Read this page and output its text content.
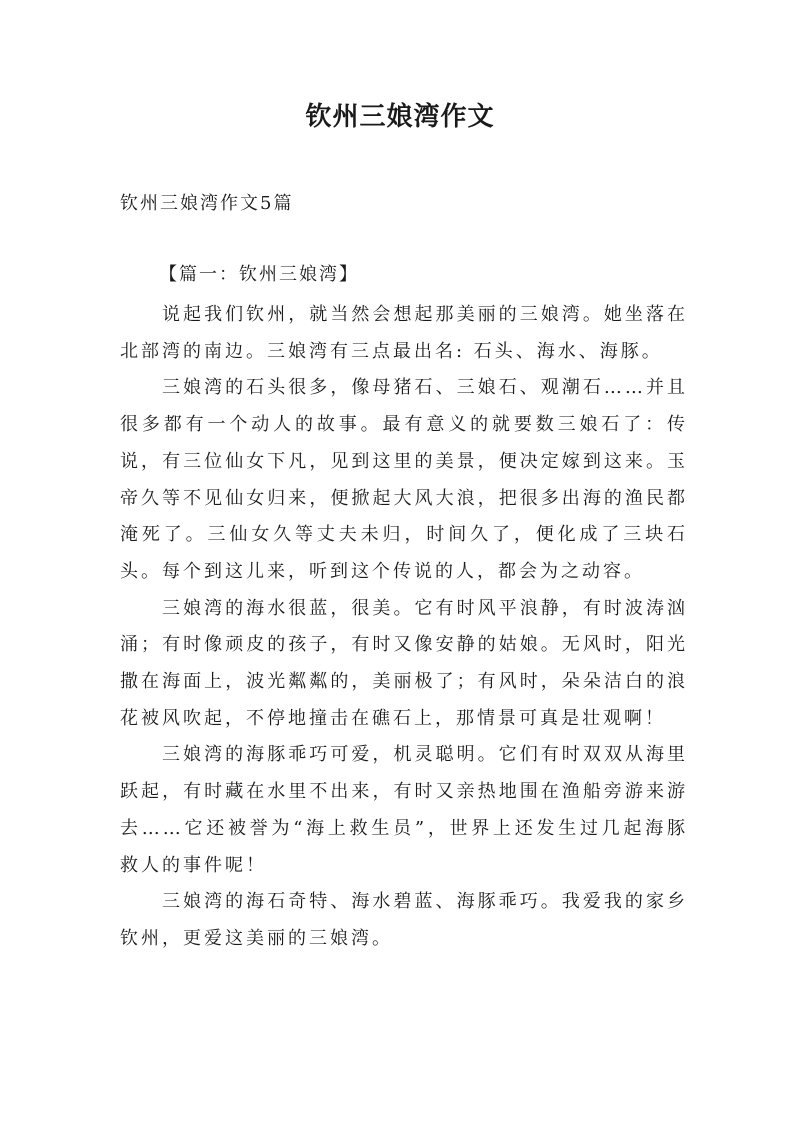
钦州三娘湾作文
钦州三娘湾作文5篇
【篇一：钦州三娘湾】

说起我们钦州，就当然会想起那美丽的三娘湾。她坐落在北部湾的南边。三娘湾有三点最出名: 石头、海水、海豚。

三娘湾的石头很多，像母猪石、三娘石、观潮石……并且很多都有一个动人的故事。最有意义的就要数三娘石了：传说，有三位仙女下凡，见到这里的美景，便决定嫁到这来。玉帝久等不见仙女归来，便掀起大风大浪，把很多出海的渔民都淹死了。三仙女久等丈夫未归，时间久了，便化成了三块石头。每个到这儿来，听到这个传说的人，都会为之动容。

三娘湾的海水很蓝，很美。它有时风平浪静，有时波涛汹涌；有时像顽皮的孩子，有时又像安静的姑娘。无风时，阳光撒在海面上，波光粼粼的，美丽极了；有风时，朵朵洁白的浪花被风吹起，不停地撞击在礁石上，那情景可真是壮观啊！

三娘湾的海豚乖巧可爱，机灵聪明。它们有时双双从海里跃起，有时藏在水里不出来，有时又亲热地围在渔船旁游来游去……它还被誉为“海上救生员”，世界上还发生过几起海豚救人的事件呢！

三娘湾的海石奇特、海水碧蓝、海豚乖巧。我爱我的家乡钦州，更爱这美丽的三娘湾。
